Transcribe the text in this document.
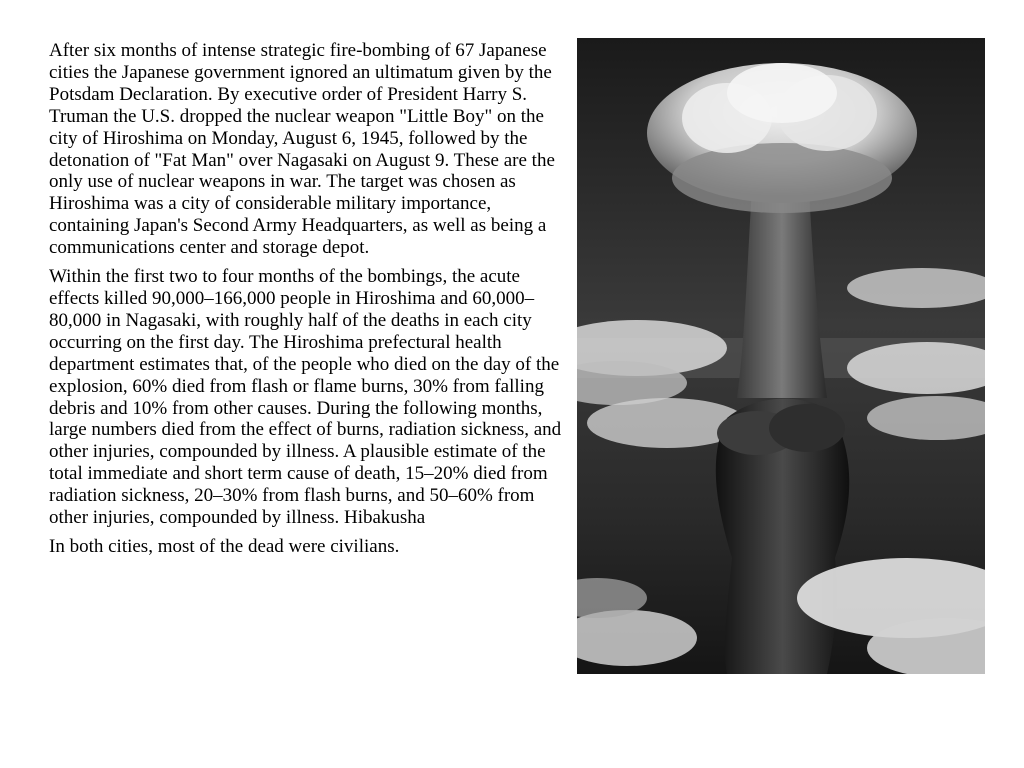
After six months of intense strategic fire-bombing of 67 Japanese cities the Japanese government ignored an ultimatum given by the Potsdam Declaration. By executive order of President Harry S. Truman the U.S. dropped the nuclear weapon "Little Boy" on the city of Hiroshima on Monday, August 6, 1945, followed by the detonation of "Fat Man" over Nagasaki on August 9. These are the only use of nuclear weapons in war. The target was chosen as Hiroshima was a city of considerable military importance, containing Japan's Second Army Headquarters, as well as being a communications center and storage depot.

Within the first two to four months of the bombings, the acute effects killed 90,000–166,000 people in Hiroshima and 60,000–80,000 in Nagasaki, with roughly half of the deaths in each city occurring on the first day. The Hiroshima prefectural health department estimates that, of the people who died on the day of the explosion, 60% died from flash or flame burns, 30% from falling debris and 10% from other causes. During the following months, large numbers died from the effect of burns, radiation sickness, and other injuries, compounded by illness. A plausible estimate of the total immediate and short term cause of death, 15–20% died from radiation sickness, 20–30% from flash burns, and 50–60% from other injuries, compounded by illness. Hibakusha

In both cities, most of the dead were civilians.
